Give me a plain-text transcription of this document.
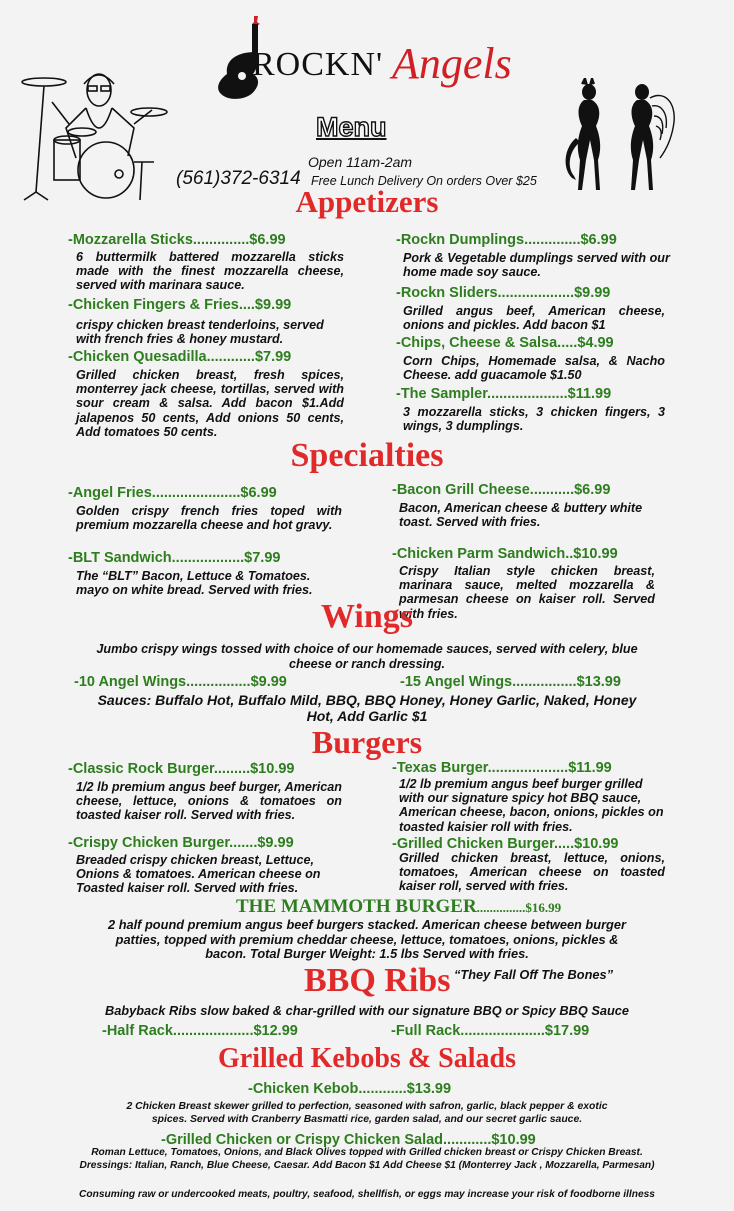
ROCKN' Angels
Menu
Open 11am-2am
(561)372-6314 Free Lunch Delivery On orders Over $25
Appetizers
-Mozzarella Sticks..............$6.99
6 buttermilk battered mozzarella sticks made with the finest mozzarella cheese, served with marinara sauce.
-Chicken Fingers & Fries....$9.99
crispy chicken breast tenderloins, served with french fries & honey mustard.
-Chicken Quesadilla............$7.99
Grilled chicken breast, fresh spices, monterrey jack cheese, tortillas, served with sour cream & salsa. Add bacon $1.Add jalapenos 50 cents, Add onions 50 cents, Add tomatoes 50 cents.
-Rockn Dumplings..............$6.99
Pork & Vegetable dumplings served with our home made soy sauce.
-Rockn Sliders...................$9.99
Grilled angus beef, American cheese, onions and pickles. Add bacon $1
-Chips, Cheese & Salsa.....$4.99
Corn Chips, Homemade salsa, & Nacho Cheese. add guacamole $1.50
-The Sampler....................$11.99
3 mozzarella sticks, 3 chicken fingers, 3 wings, 3 dumplings.
Specialties
-Angel Fries......................$6.99
Golden crispy french fries toped with premium mozzarella cheese and hot gravy.
-BLT Sandwich..................$7.99
The “BLT” Bacon, Lettuce & Tomatoes. mayo on white bread. Served with fries.
-Bacon Grill Cheese...........$6.99
Bacon, American cheese & buttery white toast. Served with fries.
-Chicken Parm Sandwich..$10.99
Crispy Italian style chicken breast, marinara sauce, melted mozzarella & parmesan cheese on kaiser roll. Served with fries.
Wings
Jumbo crispy wings tossed with choice of our homemade sauces, served with celery, blue cheese or ranch dressing.
-10 Angel Wings................$9.99	-15 Angel Wings................$13.99
Sauces: Buffalo Hot, Buffalo Mild, BBQ, BBQ Honey, Honey Garlic, Naked, Honey Hot, Add Garlic $1
Burgers
-Classic Rock Burger.........$10.99
1/2 lb premium angus beef burger, American cheese, lettuce, onions & tomatoes on toasted kaiser roll. Served with fries.
-Crispy Chicken Burger.......$9.99
Breaded crispy chicken breast, Lettuce, Onions & tomatoes. American cheese on Toasted kaiser roll. Served with fries.
-Texas Burger....................$11.99
1/2 lb premium angus beef burger grilled with our signature spicy hot BBQ sauce, American cheese, bacon, onions, pickles on toasted kaisier roll with fries.
-Grilled Chicken Burger.....$10.99
Grilled chicken breast, lettuce, onions, tomatoes, American cheese on toasted kaiser roll, served with fries.
THE MAMMOTH BURGER...............$16.99
2 half pound premium angus beef burgers stacked. American cheese between burger patties, topped with premium cheddar cheese, lettuce, tomatoes, onions, pickles & bacon. Total Burger Weight: 1.5 lbs Served with fries.
BBQ Ribs “They Fall Off The Bones”
Babyback Ribs slow baked & char-grilled with our signature BBQ or Spicy BBQ Sauce
-Half Rack....................$12.99	-Full Rack.....................$17.99
Grilled Kebobs & Salads
-Chicken Kebob............$13.99
2 Chicken Breast skewer grilled to perfection, seasoned with safron, garlic, black pepper & exotic spices. Served with Cranberry Basmatti rice, garden salad, and our secret garlic sauce.
-Grilled Chicken or Crispy Chicken Salad............$10.99
Roman Lettuce, Tomatoes, Onions, and Black Olives topped with Grilled chicken breast or Crispy Chicken Breast.
Dressings: Italian, Ranch, Blue Cheese, Caesar. Add Bacon $1 Add Cheese $1 (Monterrey Jack , Mozzarella, Parmesan)
Consuming raw or undercooked meats, poultry, seafood, shellfish, or eggs may increase your risk of foodborne illness
